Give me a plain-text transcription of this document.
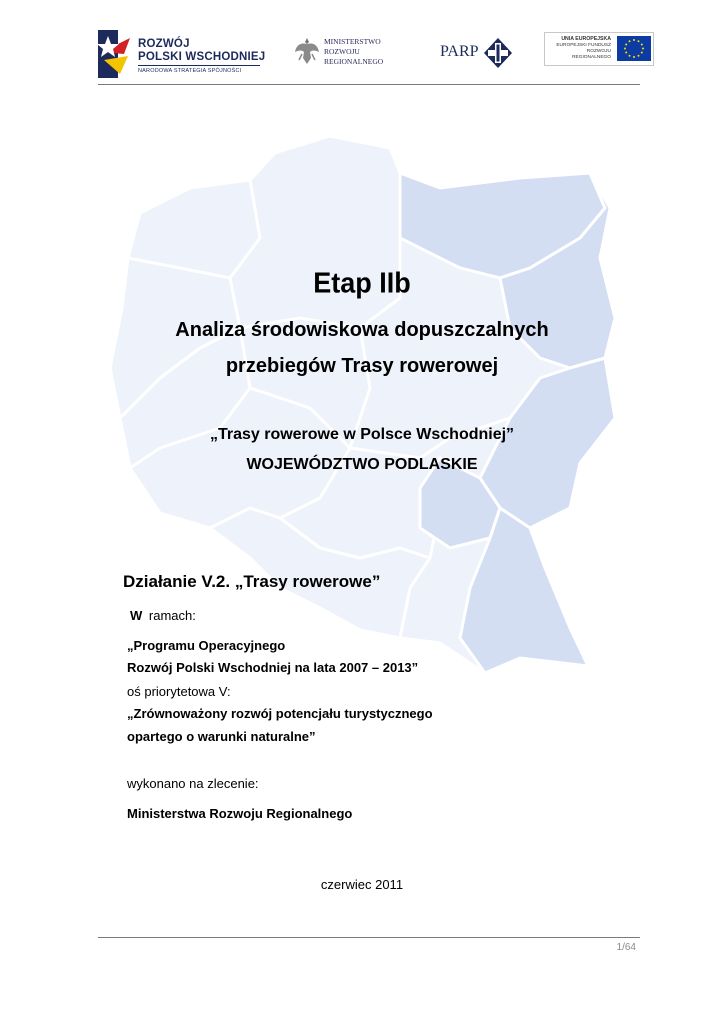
ROZWÓJ
POLSKI WSCHODNIEJ
NARODOWA STRATEGIA SPÓJNOŚCI
MINISTERSTWO
ROZWOJU
REGIONALNEGO
PARP
UNIA EUROPEJSKA
EUROPEJSKI FUNDUSZ
ROZWOJU REGIONALNEGO
Etap IIb
Analiza środowiskowa dopuszczalnych
przebiegów Trasy rowerowej
„Trasy rowerowe w Polsce Wschodniej”
WOJEWÓDZTWO PODLASKIE
Działanie V.2. „Trasy rowerowe”
W ramach:
„Programu Operacyjnego
Rozwój Polski Wschodniej na lata 2007 – 2013”
oś priorytetowa V:
„Zrównoważony rozwój potencjału turystycznego
opartego o warunki naturalne”
wykonano na zlecenie:
Ministerstwa Rozwoju Regionalnego
czerwiec 2011
1/64
